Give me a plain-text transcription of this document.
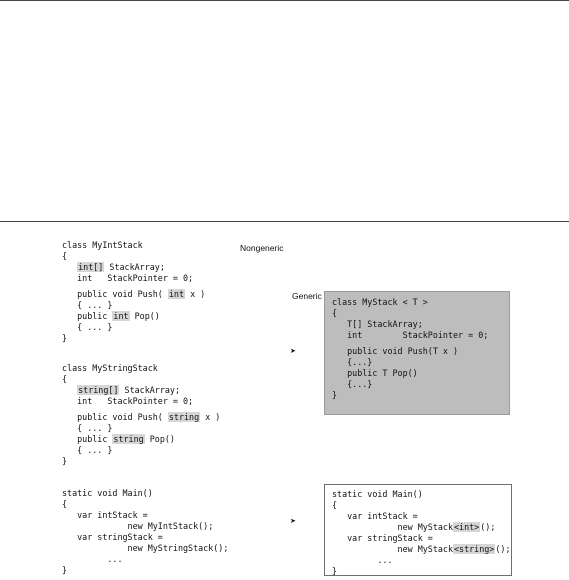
class MyIntStack
{
int[] StackArray;
int   StackPointer = 0;
public void Push( int x )
{ ... }
public int Pop()
{ ... }
}
class MyStringStack
{
string[] StackArray;
int   StackPointer = 0;
public void Push( string x )
{ ... }
public string Pop()
{ ... }
}
static void Main()
{
var intStack =
new MyIntStack();
var stringStack =
new MyStringStack();
...
}
Nongeneric
Generic
➤
➤
class MyStack < T >
{
T[] StackArray;
int        StackPointer = 0;
public void Push(T x )
{...}
public T Pop()
{...}
}
static void Main()
{
var intStack =
new MyStack<int>();
var stringStack =
new MyStack<string>();
...
}
